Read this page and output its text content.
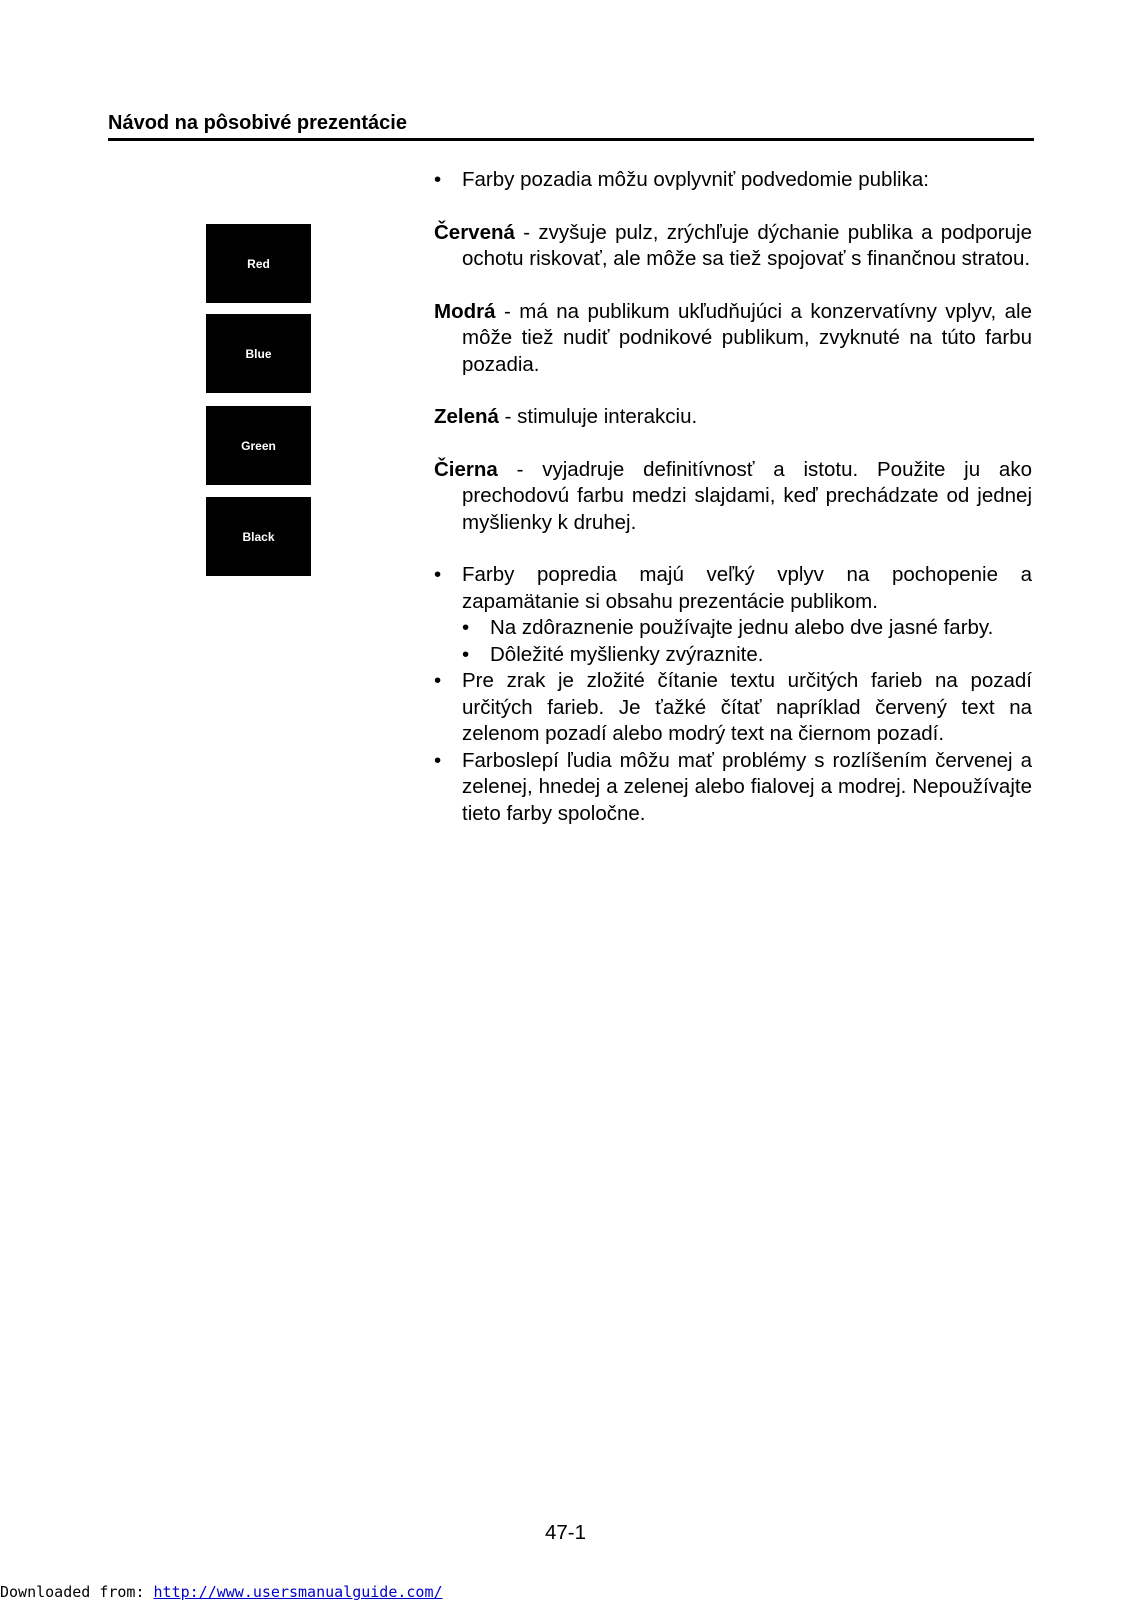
Návod na pôsobivé prezentácie
Red
Blue
Green
Black
•	Farby pozadia môžu ovplyvniť podvedomie publika:
Červená - zvyšuje pulz, zrýchľuje dýchanie publika a podporuje ochotu riskovať, ale môže sa tiež spojovať s finančnou stratou.
Modrá - má na publikum ukľudňujúci a konzervatívny vplyv, ale môže tiež nudiť podnikové publikum, zvyknuté na túto farbu pozadia.
Zelená - stimuluje interakciu.
Čierna - vyjadruje definitívnosť a istotu. Použite ju ako prechodovú farbu medzi slajdami, keď prechádzate od jednej myšlienky k druhej.
•	Farby popredia majú veľký vplyv na pochopenie a zapamätanie si obsahu prezentácie publikom.
•	Na zdôraznenie používajte jednu alebo dve jasné farby.
•	Dôležité myšlienky zvýraznite.
•	Pre zrak je zložité čítanie textu určitých farieb na pozadí určitých farieb. Je ťažké čítať napríklad červený text na zelenom pozadí alebo modrý text na čiernom pozadí.
•	Farboslepí ľudia môžu mať problémy s rozlíšením červenej a zelenej, hnedej a zelenej alebo fialovej a modrej. Nepoužívajte tieto farby spoločne.
47-1
Downloaded from: http://www.usersmanualguide.com/
